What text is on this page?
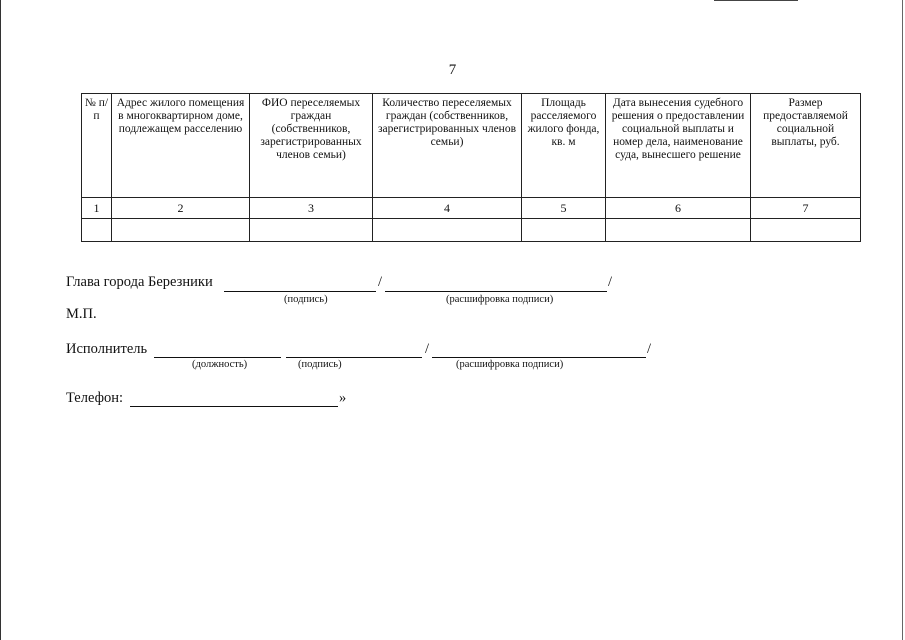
7
№ п/п	Адрес жилого помещения в многоквартирном доме, подлежащем расселению	ФИО переселяемых граждан (собственников, зарегистрированных членов семьи)	Количество переселяемых граждан (собственников, зарегистрированных членов семьи)	Площадь расселяемого жилого фонда, кв. м	Дата вынесения судебного решения о предоставлении социальной выплаты и номер дела, наименование суда, вынесшего решение	Размер предоставляемой социальной выплаты, руб.
1	2	3	4	5	6	7

Глава города Березники	/	/
(подпись)	(расшифровка подписи)
М.П.
Исполнитель	/	/
(должность)	(подпись)	(расшифровка подписи)
Телефон:	»
